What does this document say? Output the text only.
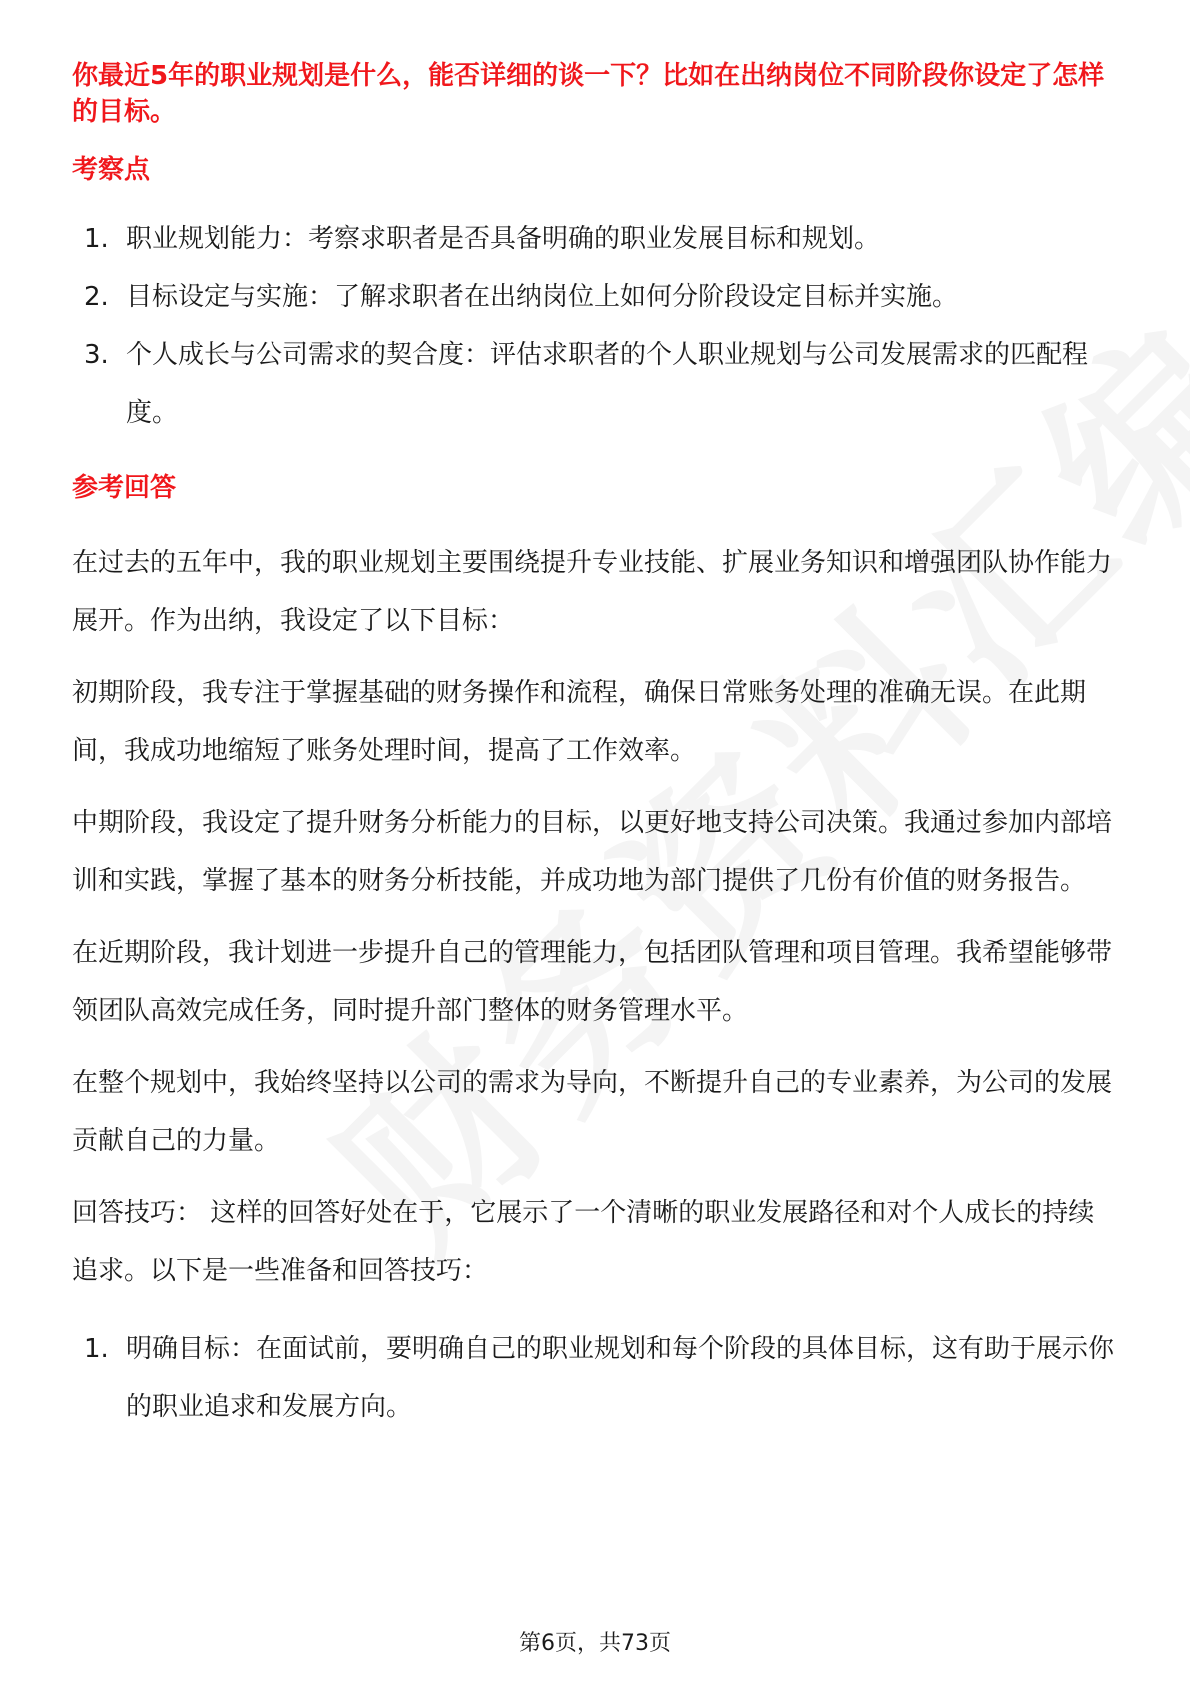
你最近5年的职业规划是什么，能否详细的谈一下？比如在出纳岗位不同阶段你设定了怎样的目标。

考察点
1. 职业规划能力：考察求职者是否具备明确的职业发展目标和规划。
2. 目标设定与实施：了解求职者在出纳岗位上如何分阶段设定目标并实施。
3. 个人成长与公司需求的契合度：评估求职者的个人职业规划与公司发展需求的匹配程度。
参考回答

在过去的五年中，我的职业规划主要围绕提升专业技能、扩展业务知识和增强团队协作能力展开。作为出纳，我设定了以下目标：

初期阶段，我专注于掌握基础的财务操作和流程，确保日常账务处理的准确无误。在此期间，我成功地缩短了账务处理时间，提高了工作效率。

中期阶段，我设定了提升财务分析能力的目标，以更好地支持公司决策。我通过参加内部培训和实践，掌握了基本的财务分析技能，并成功地为部门提供了几份有价值的财务报告。

在近期阶段，我计划进一步提升自己的管理能力，包括团队管理和项目管理。我希望能够带领团队高效完成任务，同时提升部门整体的财务管理水平。

在整个规划中，我始终坚持以公司的需求为导向，不断提升自己的专业素养，为公司的发展贡献自己的力量。

回答技巧： 这样的回答好处在于，它展示了一个清晰的职业发展路径和对个人成长的持续追求。以下是一些准备和回答技巧：

1. 明确目标：在面试前，要明确自己的职业规划和每个阶段的具体目标，这有助于展示你的职业追求和发展方向。
第6页，共73页
